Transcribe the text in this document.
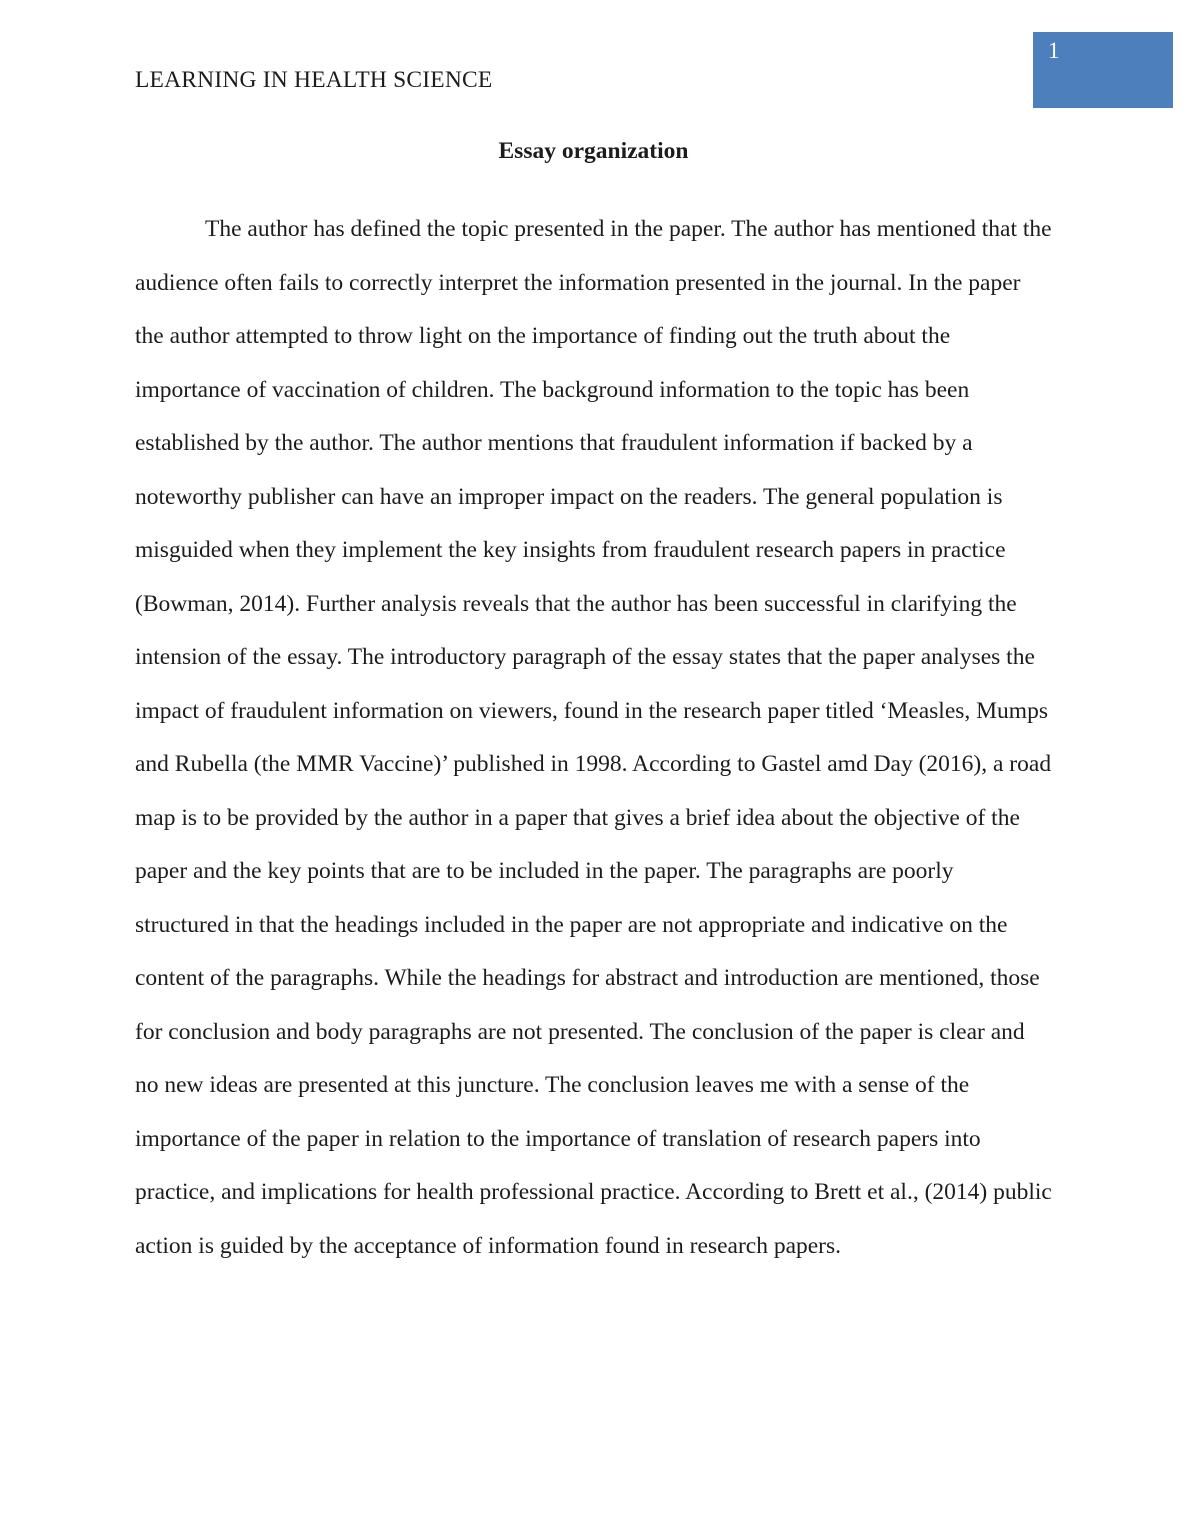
LEARNING IN HEALTH SCIENCE
1
Essay organization

The author has defined the topic presented in the paper. The author has mentioned that the audience often fails to correctly interpret the information presented in the journal. In the paper the author attempted to throw light on the importance of finding out the truth about the importance of vaccination of children. The background information to the topic has been established by the author. The author mentions that fraudulent information if backed by a noteworthy publisher can have an improper impact on the readers. The general population is misguided when they implement the key insights from fraudulent research papers in practice (Bowman, 2014). Further analysis reveals that the author has been successful in clarifying the intension of the essay. The introductory paragraph of the essay states that the paper analyses the impact of fraudulent information on viewers, found in the research paper titled ‘Measles, Mumps and Rubella (the MMR Vaccine)’ published in 1998. According to Gastel amd Day (2016), a road map is to be provided by the author in a paper that gives a brief idea about the objective of the paper and the key points that are to be included in the paper. The paragraphs are poorly structured in that the headings included in the paper are not appropriate and indicative on the content of the paragraphs. While the headings for abstract and introduction are mentioned, those for conclusion and body paragraphs are not presented. The conclusion of the paper is clear and no new ideas are presented at this juncture. The conclusion leaves me with a sense of the importance of the paper in relation to the importance of translation of research papers into practice, and implications for health professional practice. According to Brett et al., (2014) public action is guided by the acceptance of information found in research papers.
